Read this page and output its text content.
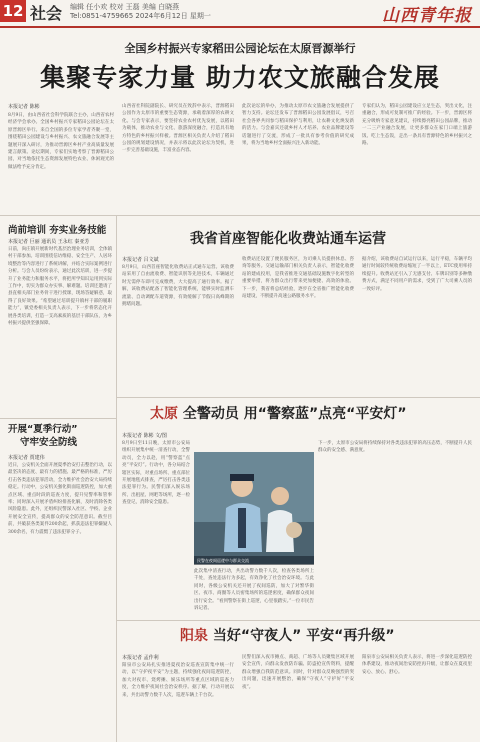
12 社会 编辑 任小欢 校对 王磊 美编 白晓燕
Tel:0851-4759665 2024年6月12日 星期一	山西青年报
全国乡村振兴专家稻田公园论坛在太原晋源举行
集聚专家力量 助力农文旅融合发展
本报记者 陈彬
8月9日，由山西省社会科学院联合主办，山西省农村经济学会承办。全国乡村振兴专家稻田公园论坛在太原晋源区举行。来自全国的多位专家学者齐聚一堂，围绕稻田公园建设与乡村振兴、农文旅融合发展等主题展开深入研讨，为推动晋源区乡村产业高质量发展建言献策。论坛期间，专家们实地考察了晋源稻田公园，对当地依托生态资源发展特色农业、休闲观光的做法给予充分肯定。
山西省社科院副院长、研究员在致辞中表示，晋源稻田公园作为太原市的重要生态资源，承载着深厚的农耕文化。与会专家表示，要坚持农业农村优先发展，以稻田为载体，推动农业与文化、旅游深度融合，打造具有地方特色的乡村振兴样板。晋源区相关负责人介绍了稻田公园的规划建设情况，并表示将以此次论坛为契机，进一步完善基础设施，丰富业态内容。
此次论坛的举办，为推动太原市农文旅融合发展提供了智力支持。论坛还发布了晋源稻田公园发展倡议，号召社会各界共同参与稻田保护与利用，让农耕文化焕发新的活力。与会嘉宾还就乡村人才培养、农业品牌建设等话题进行了交流，形成了一批具有参考价值的研究成果，将为当地乡村全面振兴注入新动能。
专家们认为，稻田公园建设应立足生态，突出文化，注重融合，形成可复制可推广的经验。下一步，晋源区将充分吸纳专家意见建议，持续擦亮稻田公园品牌，推动一二三产业融合发展，让更多群众在家门口端上旅游饭、吃上生态饭，走出一条具有晋源特色的乡村振兴之路。
尚前培训 夯实业务技能
本报记者 巨丽 通讯员 王永红 秦亚芳
日前，尚庄镇开展新时代基层治理业务培训，全体镇村干部参加。培训围绕信访维稳、安全生产、人居环境整治等内容进行了系统讲解，并结合实际案例进行分析。与会人员纷纷表示，通过此次培训，进一步提升了业务能力和服务水平，将把所学知识运用到实际工作中，切实为群众办实事、解难题。培训还邀请了县直相关部门业务骨干进行授课，现场答疑解惑，取得了良好效果。“希望通过培训提升镇村干部的履职能力”，镇党委相关负责人表示，下一步将常态化开展各类培训，打造一支高素质的基层干部队伍，为乡村振兴提供坚强保障。
开展“夏季行动”
守牢安全防线
本报记者 贾建伟
近日，公安机关全面开展夏季治安打击整治行动，以最坚决的态度、最有力的措施、最严格的标准，严厉打击各类违法犯罪活动，全力维护社会治安大局持续稳定。行动中，公安机关强化街面巡逻防控，加大重点区域、重点时段的巡查力度，提升见警率和管事率；同时深入开展矛盾纠纷排查化解，及时消除各类风险隐患。此外，还组织民警深入社区、学校、企业开展安全宣传，提高群众的安全防范意识。截至目前，共破获各类案件200余起，抓获违法犯罪嫌疑人300余名，有力震慑了违法犯罪分子。
我省首座智能化收费站通车运营
本报记者 吕文斌
8月9日，山西首座智能化收费站正式通车运营。该收费站采用了自由流收费、智能识别等先进技术，车辆通过时无需停车即可完成缴费，大大提高了通行效率。据了解，该收费站配备了智能化管理系统，能够实时监测车流量、自动调配车道资源，有效缓解了节假日高峰期的拥堵问题。
收费站还设置了便民服务区，为司乘人员提供休息、咨询等服务。交通运输部门相关负责人表示，智能化收费站的建成投用，是我省推进交通基础设施数字化转型的重要举措，将为群众出行带来更加便捷、高效的体验。下一步，我省将总结经验，逐步在全省推广智能化收费站建设，不断提升高速公路服务水平。
据介绍，该收费站自试运行以来，运行平稳，车辆平均通行时间较传统收费站缩短了一半以上，ETC使用率持续提升。收费站还引入了无感支付、车牌识别等多种缴费方式，满足不同用户的需求，受到了广大司乘人员的一致好评。
太原 全警动员 用“警察蓝”点亮“平安灯”
本报记者 陈彬 文/图
8月9日至11日晚，太原市公安局组织开展集中统一清查行动，全警动员，全力以赴，用“警察蓝”点亮“平安灯”。行动中，各分局结合辖区实际，对重点场所、重点部位开展地毯式排查，严厉打击各类违法犯罪行为。民警们深入娱乐场所、出租屋、网吧等场所，逐一检查登记，消除安全隐患。
此次集中清查行动，共出动警力数千人次，检查各类场所上千处，查处违法行为多起，有效净化了社会治安环境。与此同时，各级公安机关还开展了夜间巡防，加大了对繁华街区、夜市、商圈等人员密集场所的巡逻密度，确保群众夜间出行安全。“看到警察在街上巡逻，心里很踏实。”一位市民告诉记者。
下一步，太原市公安局将持续保持对各类违法犯罪的高压态势，不断提升人民群众的安全感、满意度。
民警在夜间巡逻中与群众交流
阳泉 当好“守夜人” 平安“再升级”
本报记者 孟作利
阳泉市公安局扎实推进夏夜治安巡查宣防集中统一行动，以“守护夜平安”为主题，持续强化夜间巡逻防控，加大对夜市、烧烤摊、娱乐场所等重点区域的巡查力度，全力维护夜间社会治安秩序。据了解，行动开展以来，共出动警力数千人次，巡逻车辆上千台次。
民警们深入夜市摊点、商超、广场等人员聚集区域开展安全宣传，向群众发放防诈骗、防盗抢宣传资料，提醒群众增强自我防范意识。同时，针对群众反映强烈的突出问题，迅速开展整治，确保“守夜人”守护好“平安夜”。
阳泉市公安局相关负责人表示，将进一步深化巡逻防控体系建设，推动夜间治安防控再升级，让群众在夏夜里安心、放心、舒心。
